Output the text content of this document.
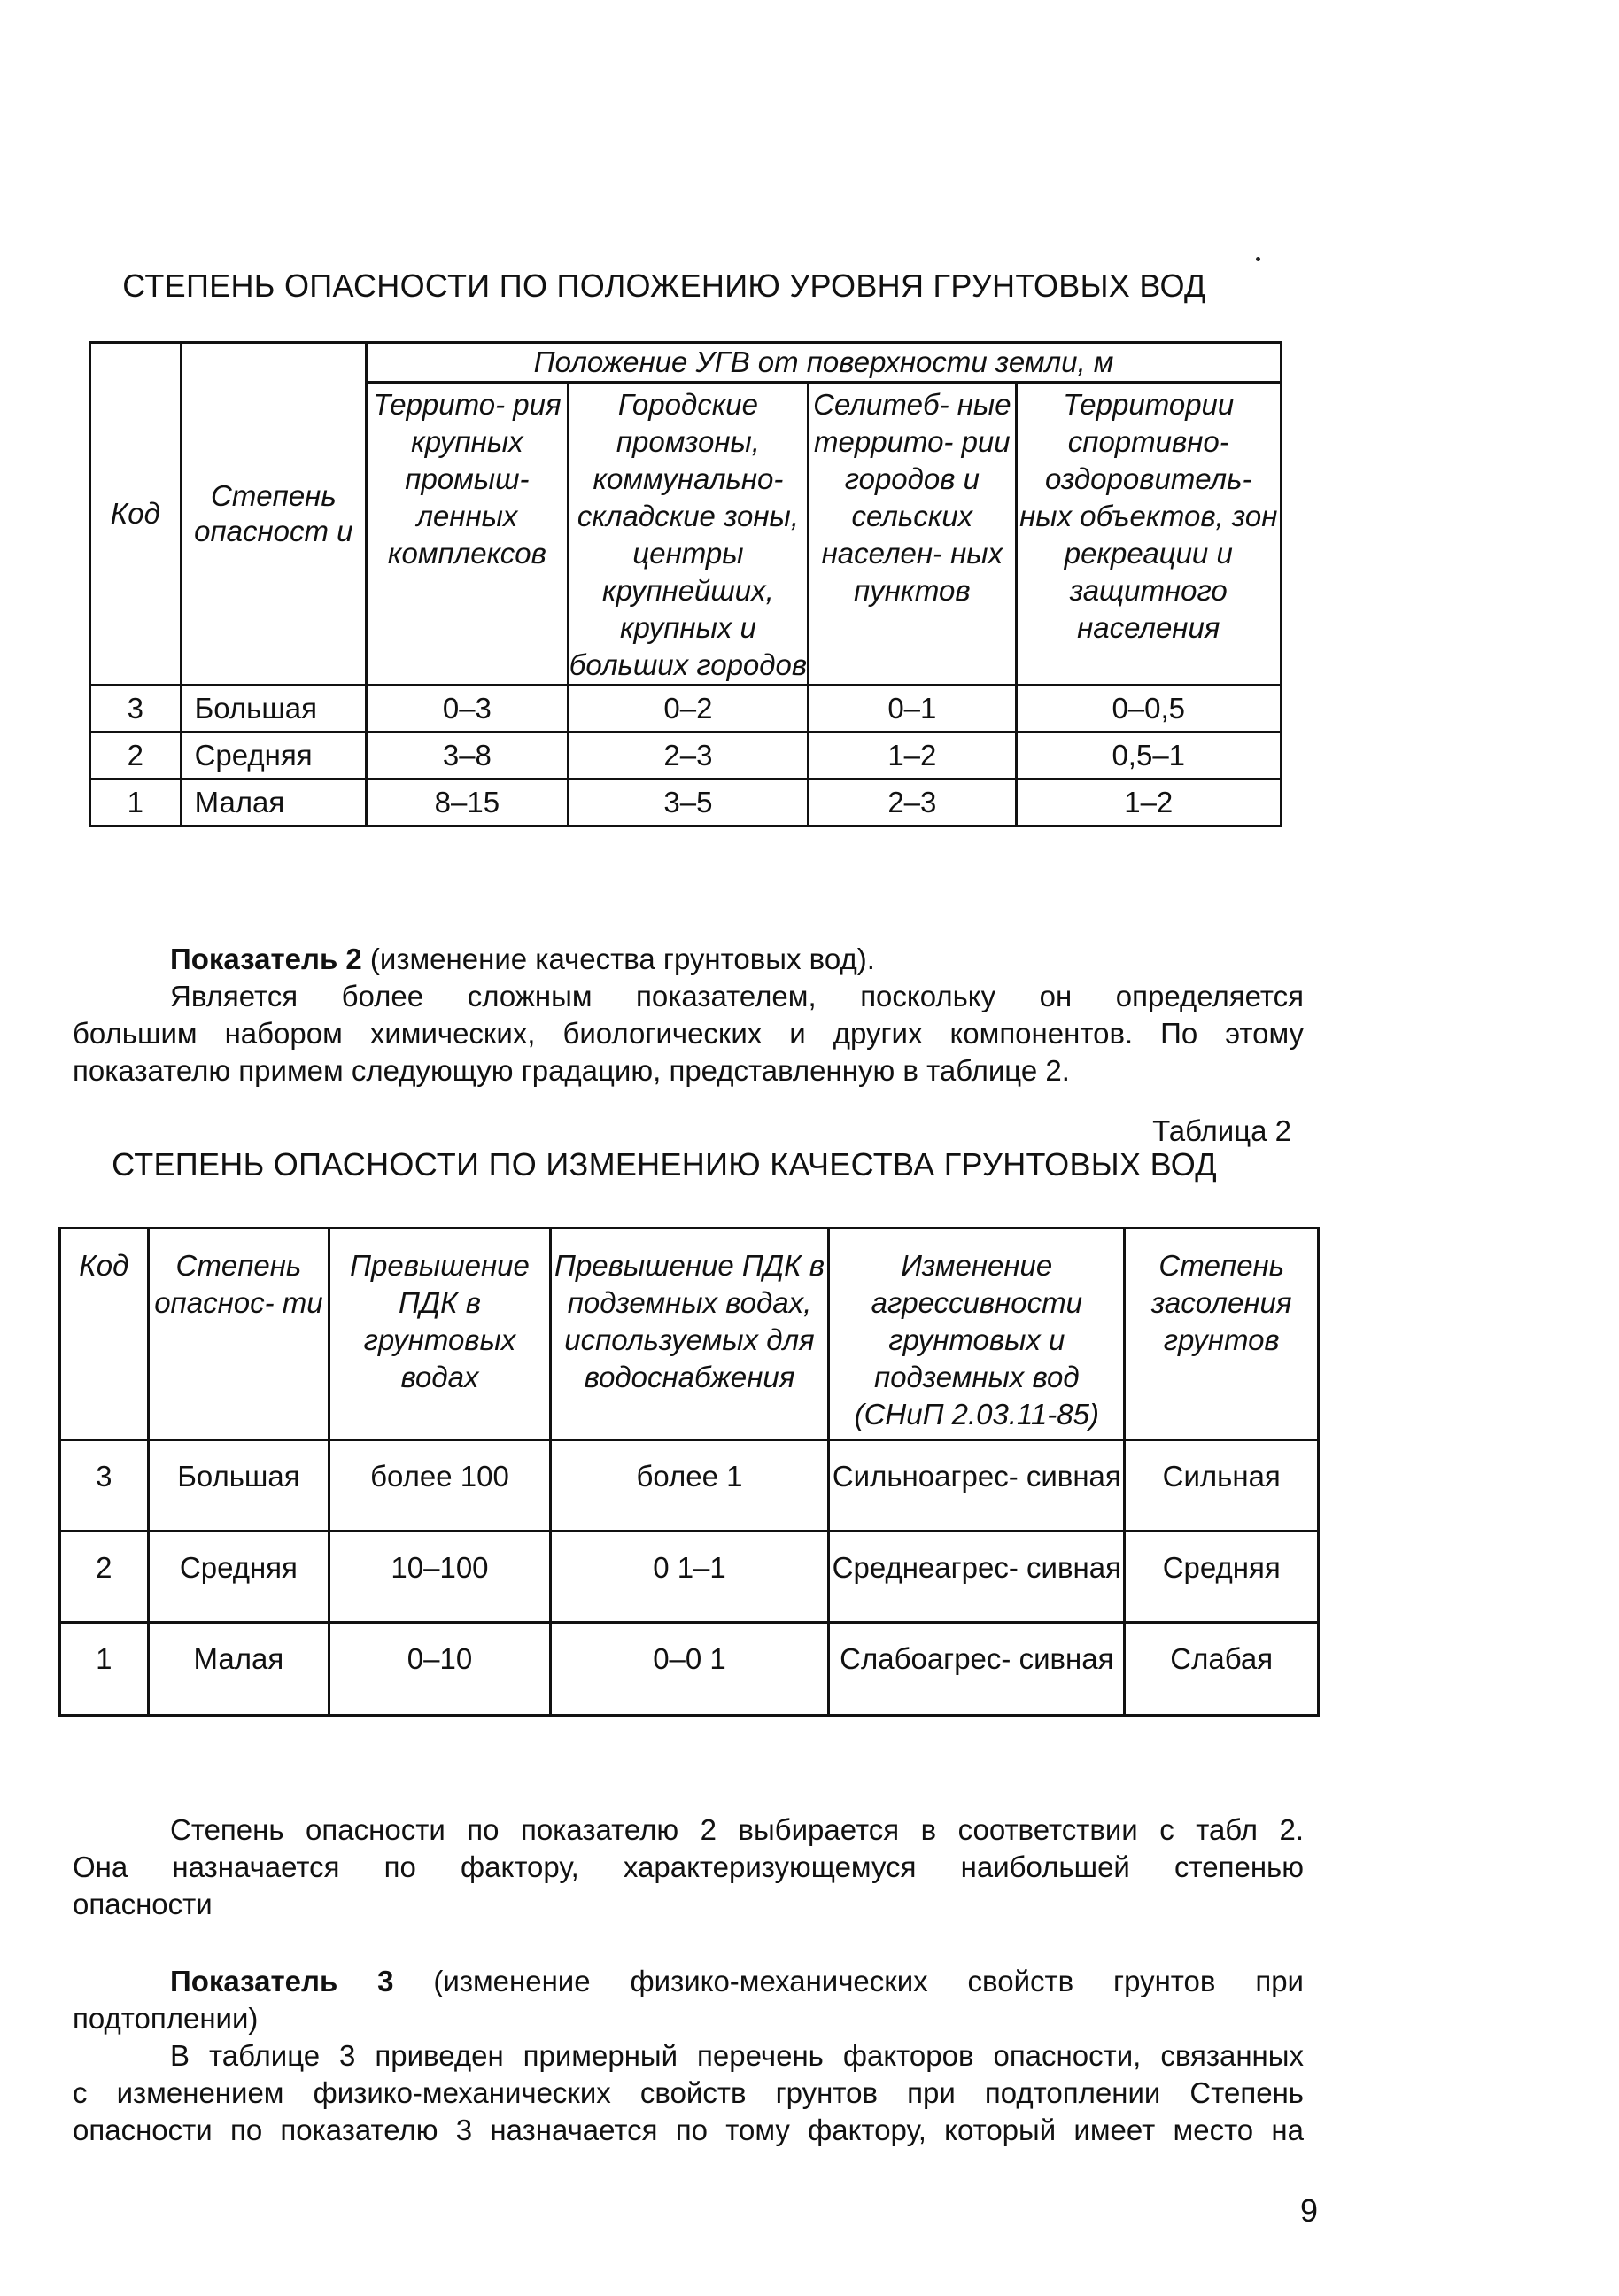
СТЕПЕНЬ ОПАСНОСТИ ПО ПОЛОЖЕНИЮ УРОВНЯ ГРУНТОВЫХ ВОД
Код	Степень опасност и	Положение УГВ от поверхности земли, м			
		Террито- рия крупных промыш- ленных комплексов	Городские промзоны, коммунально- складские зоны, центры крупнейших, крупных и больших городов	Селитеб- ные террито- рии городов и сельских населен- ных пунктов	Территории спортивно- оздоровитель- ных объектов, зон рекреации и защитного населения
3	Большая	0–3	0–2	0–1	0–0,5
2	Средняя	3–8	2–3	1–2	0,5–1
1	Малая	8–15	3–5	2–3	1–2
Показатель 2 (изменение качества грунтовых вод).
Является более сложным показателем, поскольку он определяется
большим набором химических, биологических и других компонентов. По этому
показателю примем следующую градацию, представленную в таблице 2.
Таблица 2
СТЕПЕНЬ ОПАСНОСТИ ПО ИЗМЕНЕНИЮ КАЧЕСТВА ГРУНТОВЫХ ВОД
Код	Степень опаснос- ти	Превышение ПДК в грунтовых водах	Превышение ПДК в подземных водах, используемых для водоснабжения	Изменение агрессивности грунтовых и подземных вод (СНиП 2.03.11-85)	Степень засоления грунтов
3	Большая	более 100	более 1	Сильноагрес- сивная	Сильная
2	Средняя	10–100	0 1–1	Среднеагрес- сивная	Средняя
1	Малая	0–10	0–0 1	Слабоагрес- сивная	Слабая
Степень опасности по показателю 2 выбирается в соответствии с табл 2.
Она назначается по фактору, характеризующемуся наибольшей степенью
опасности
Показатель 3 (изменение физико-механических свойств грунтов при
подтоплении)
В таблице 3 приведен примерный перечень факторов опасности, связанных
с изменением физико-механических свойств грунтов при подтоплении Степень
опасности по показателю 3 назначается по тому фактору, который имеет место на
9
